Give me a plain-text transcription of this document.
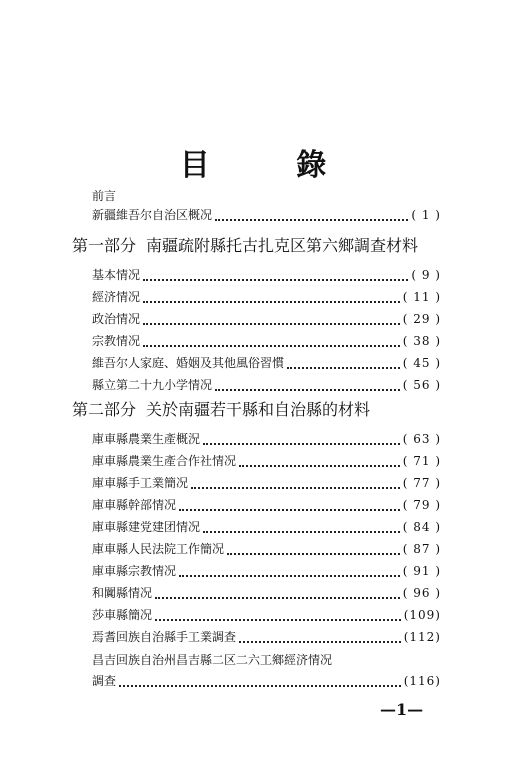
目 錄
前言
新疆維吾尔自治区概况	( 1 )
第一部分 南疆疏附縣托古扎克区第六鄉調查材料
基本情况	( 9 )
經济情况	( 11 )
政治情况	( 29 )
宗教情况	( 38 )
維吾尔人家庭、婚姻及其他風俗習慣	( 45 )
縣立第二十九小学情况	( 56 )
第二部分 关於南疆若干縣和自治縣的材料
庫車縣農業生產概況	( 63 )
庫車縣農業生產合作社情况	( 71 )
庫車縣手工業簡况	( 77 )
庫車縣幹部情况	( 79 )
庫車縣建党建团情况	( 84 )
庫車縣人民法院工作簡况	( 87 )
庫車縣宗教情况	( 91 )
和闐縣情况	( 96 )
莎車縣簡况	(109)
焉耆回族自治縣手工業調查	(112)
昌吉回族自治州昌吉縣二区二六工鄉經济情况
調查	(116)
—1—
